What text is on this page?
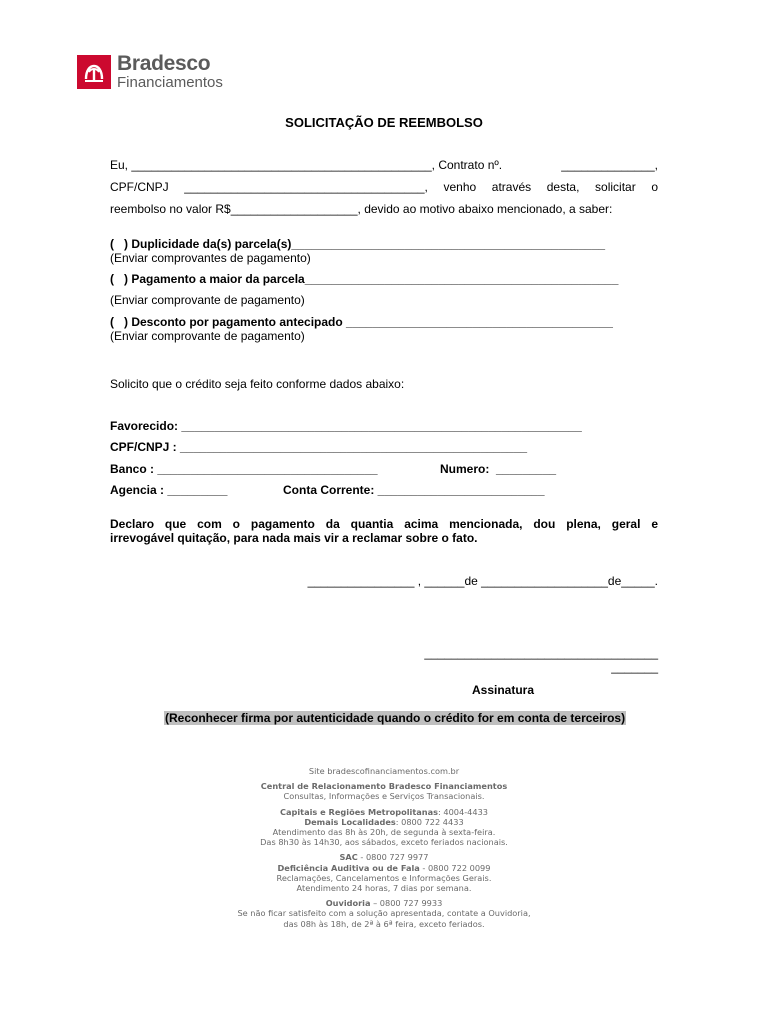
Bradesco
Financiamentos
SOLICITAÇÃO DE REEMBOLSO
Eu, _____________________________________________, Contrato nº.	______________,
CPF/CNPJ ____________________________________, venho através desta, solicitar o
reembolso no valor R$___________________, devido ao motivo abaixo mencionado, a saber:
(   ) Duplicidade da(s) parcela(s)_______________________________________________
(Enviar comprovantes de pagamento)
(   ) Pagamento a maior da parcela_______________________________________________
(Enviar comprovante de pagamento)
(   ) Desconto por pagamento antecipado ________________________________________
(Enviar comprovante de pagamento)
Solicito que o crédito seja feito conforme dados abaixo:
Favorecido: ____________________________________________________________
CPF/CNPJ : ____________________________________________________
Banco : _________________________________	Numero:  _________
Agencia : _________	Conta Corrente: _________________________
Declaro que com o pagamento da quantia acima mencionada, dou plena, geral e
irrevogável quitação, para nada mais vir a reclamar sobre o fato.
________________ , ______de ___________________de_____.
___________________________________
_______
Assinatura
(Reconhecer firma por autenticidade quando o crédito for em conta de terceiros)
Site bradescofinanciamentos.com.br
Central de Relacionamento Bradesco Financiamentos
Consultas, Informações e Serviços Transacionais.
Capitais e Regiões Metropolitanas: 4004-4433
Demais Localidades: 0800 722 4433
Atendimento das 8h às 20h, de segunda à sexta-feira.
Das 8h30 às 14h30, aos sábados, exceto feriados nacionais.
SAC - 0800 727 9977
Deficiência Auditiva ou de Fala - 0800 722 0099
Reclamações, Cancelamentos e Informações Gerais.
Atendimento 24 horas, 7 dias por semana.
Ouvidoria – 0800 727 9933
Se não ficar satisfeito com a solução apresentada, contate a Ouvidoria,
das 08h às 18h, de 2ª à 6ª feira, exceto feriados.
